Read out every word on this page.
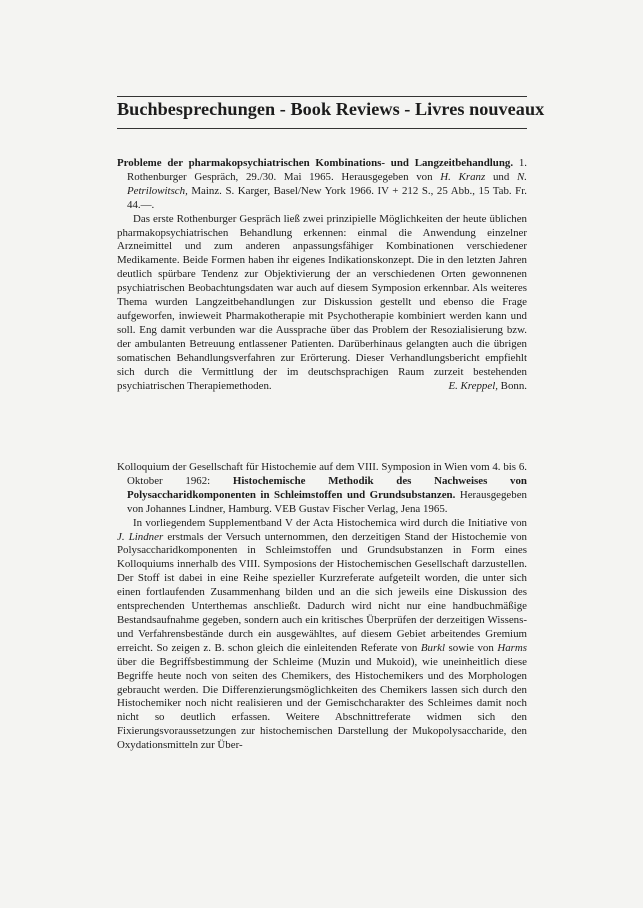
Buchbesprechungen - Book Reviews - Livres nouveaux

Probleme der pharmakopsychiatrischen Kombinations- und Langzeitbehandlung. 1. Rothenburger Gespräch, 29./30. Mai 1965. Herausgegeben von H. Kranz und N. Petrilowitsch, Mainz. S. Karger, Basel/New York 1966. IV + 212 S., 25 Abb., 15 Tab. Fr. 44.—.

Das erste Rothenburger Gespräch ließ zwei prinzipielle Möglichkeiten der heute üblichen pharmakopsychiatrischen Behandlung erkennen: einmal die Anwendung einzelner Arzneimittel und zum anderen anpassungsfähiger Kombinationen verschiedener Medikamente. Beide Formen haben ihr eigenes Indikationskonzept. Die in den letzten Jahren deutlich spürbare Tendenz zur Objektivierung der an verschiedenen Orten gewonnenen psychiatrischen Beobachtungsdaten war auch auf diesem Symposion erkennbar. Als weiteres Thema wurden Langzeitbehandlungen zur Diskussion gestellt und ebenso die Frage aufgeworfen, inwieweit Pharmakotherapie mit Psychotherapie kombiniert werden kann und soll. Eng damit verbunden war die Aussprache über das Problem der Resozialisierung bzw. der ambulanten Betreuung entlassener Patienten. Darüberhinaus gelangten auch die übrigen somatischen Behandlungsverfahren zur Erörterung. Dieser Verhandlungsbericht empfiehlt sich durch die Vermittlung der im deutschsprachigen Raum zurzeit bestehenden psychiatrischen Therapiemethoden.	E. Kreppel, Bonn.

Kolloquium der Gesellschaft für Histochemie auf dem VIII. Symposion in Wien vom 4. bis 6. Oktober 1962: Histochemische Methodik des Nachweises von Polysaccharidkomponenten in Schleimstoffen und Grundsubstanzen. Herausgegeben von Johannes Lindner, Hamburg. VEB Gustav Fischer Verlag, Jena 1965.

In vorliegendem Supplementband V der Acta Histochemica wird durch die Initiative von J. Lindner erstmals der Versuch unternommen, den derzeitigen Stand der Histochemie von Polysaccharidkomponenten in Schleimstoffen und Grundsubstanzen in Form eines Kolloquiums innerhalb des VIII. Symposions der Histochemischen Gesellschaft darzustellen. Der Stoff ist dabei in eine Reihe spezieller Kurzreferate aufgeteilt worden, die unter sich einen fortlaufenden Zusammenhang bilden und an die sich jeweils eine Diskussion des entsprechenden Unterthemas anschließt. Dadurch wird nicht nur eine handbuchmäßige Bestandsaufnahme gegeben, sondern auch ein kritisches Überprüfen der derzeitigen Wissens- und Verfahrensbestände durch ein ausgewähltes, auf diesem Gebiet arbeitendes Gremium erreicht. So zeigen z. B. schon gleich die einleitenden Referate von Burkl sowie von Harms über die Begriffsbestimmung der Schleime (Muzin und Mukoid), wie uneinheitlich diese Begriffe heute noch von seiten des Chemikers, des Histochemikers und des Morphologen gebraucht werden. Die Differenzierungsmöglichkeiten des Chemikers lassen sich durch den Histochemiker noch nicht realisieren und der Gemischcharakter des Schleimes damit noch nicht so deutlich erfassen. Weitere Abschnittreferate widmen sich den Fixierungsvoraussetzungen zur histochemischen Darstellung der Mukopolysaccharide, den Oxydationsmitteln zur Über-
